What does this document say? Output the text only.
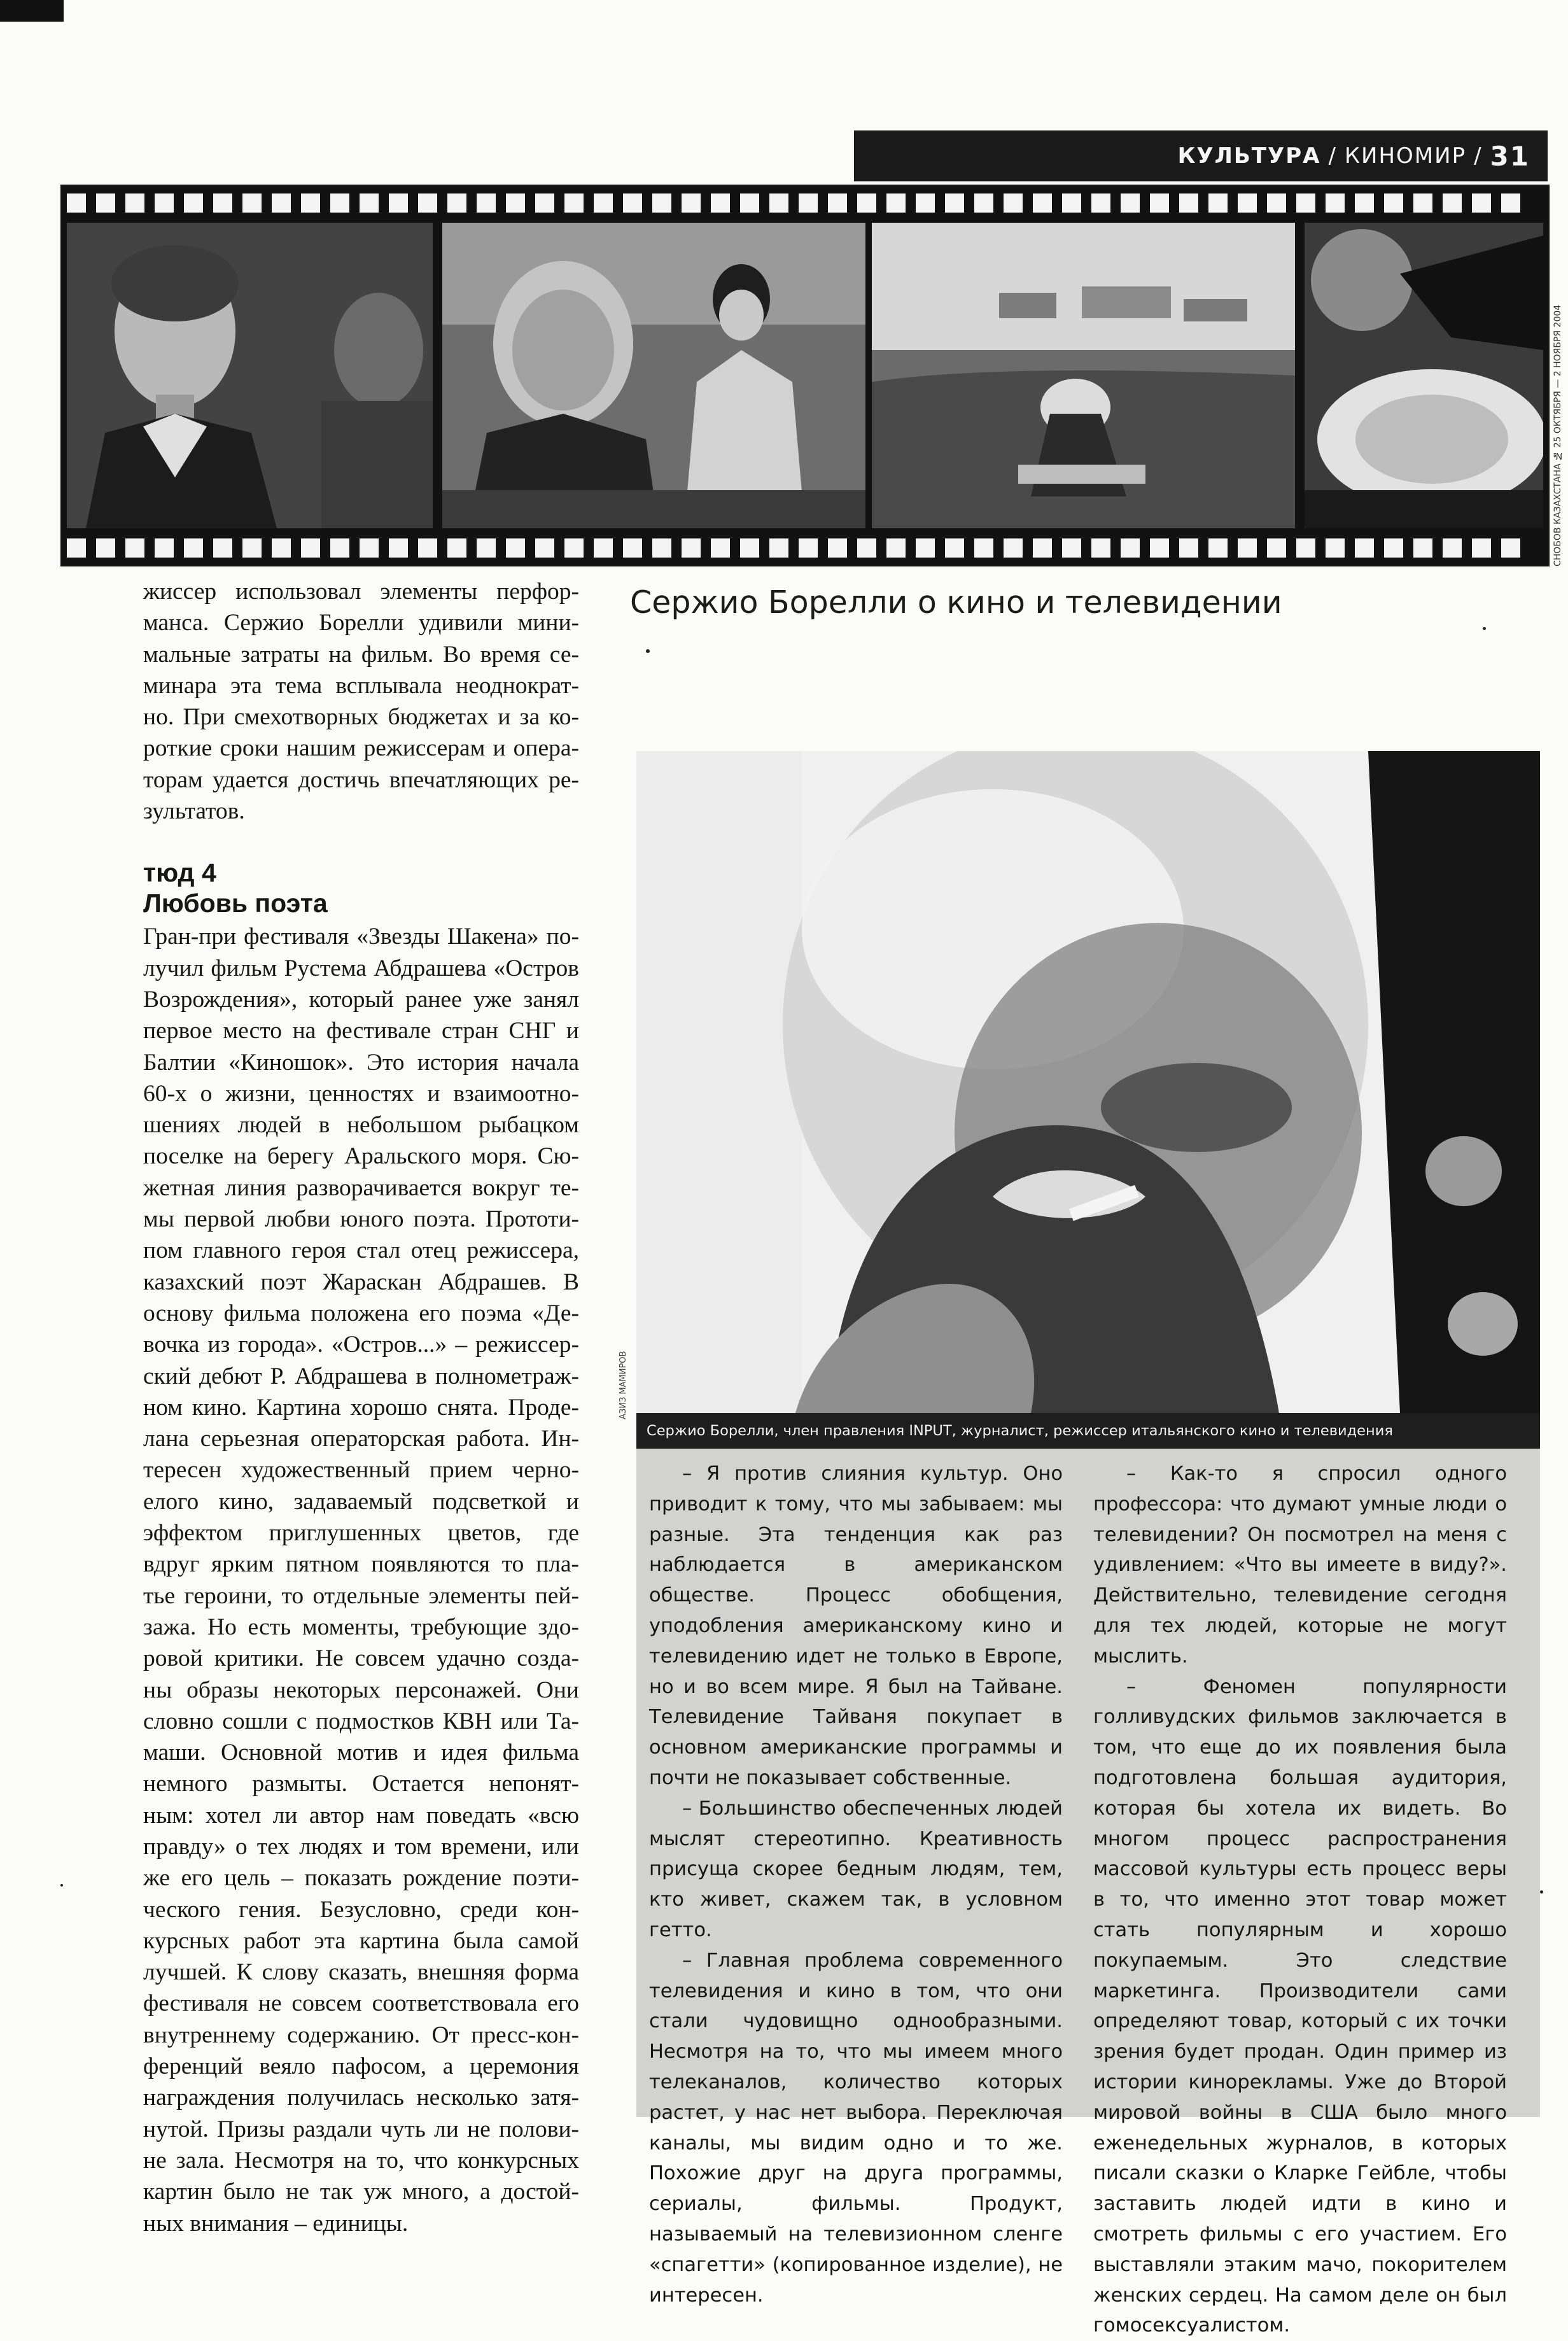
КУЛЬТУРА / КИНОМИР / 31
СНОБОВ КАЗАХСТАНА № 25 ОКТЯБРЯ — 2 НОЯБРЯ 2004
жиссер использовал элементы перфор-
манса. Сержио Борелли удивили мини-
мальные затраты на фильм. Во время се-
минара эта тема всплывала неоднократ-
но. При смехотворных бюджетах и за ко-
роткие сроки нашим режиссерам и опера-
торам удается достичь впечатляющих ре-
зультатов.
тюд 4
Любовь поэта
Гран-при фестиваля «Звезды Шакена» по-
лучил фильм Рустема Абдрашева «Остров
Возрождения», который ранее уже занял
первое место на фестивале стран СНГ и
Балтии «Киношок». Это история начала
60-х о жизни, ценностях и взаимоотно-
шениях людей в небольшом рыбацком
поселке на берегу Аральского моря. Сю-
жетная линия разворачивается вокруг те-
мы первой любви юного поэта. Прототи-
пом главного героя стал отец режиссера,
казахский поэт Жараскан Абдрашев. В
основу фильма положена его поэма «Де-
вочка из города». «Остров...» – режиссер-
ский дебют Р. Абдрашева в полнометраж-
ном кино. Картина хорошо снята. Проде-
лана серьезная операторская работа. Ин-
тересен художественный прием черно-
елого кино, задаваемый подсветкой и
эффектом приглушенных цветов, где
вдруг ярким пятном появляются то пла-
тье героини, то отдельные элементы пей-
зажа. Но есть моменты, требующие здо-
ровой критики. Не совсем удачно созда-
ны образы некоторых персонажей. Они
словно сошли с подмостков КВН или Та-
маши. Основной мотив и идея фильма
немного размыты. Остается непонят-
ным: хотел ли автор нам поведать «всю
правду» о тех людях и том времени, или
же его цель – показать рождение поэти-
ческого гения. Безусловно, среди кон-
курсных работ эта картина была самой
лучшей. К слову сказать, внешняя форма
фестиваля не совсем соответствовала его
внутреннему содержанию. От пресс-кон-
ференций веяло пафосом, а церемония
награждения получилась несколько затя-
нутой. Призы раздали чуть ли не полови-
не зала. Несмотря на то, что конкурсных
картин было не так уж много, а достой-
ных внимания – единицы.
Сержио Борелли о кино и телевидении
АЗИЗ МАМИРОВ
Сержио Борелли, член правления INPUT, журналист, режиссер итальянского кино и телевидения

– Я против слияния культур. Оно приводит к тому, что мы забываем: мы разные. Эта тенденция как раз наблюдается в американском обществе. Процесс обобщения, уподобления американскому кино и телевидению идет не только в Европе, но и во всем мире. Я был на Тайване. Телевидение Тайваня покупает в основном американские программы и почти не показывает собственные.

– Большинство обеспеченных людей мыслят стереотипно. Креативность присуща скорее бедным людям, тем, кто живет, скажем так, в условном гетто.

– Главная проблема современного телевидения и кино в том, что они стали чудовищно однообразными. Несмотря на то, что мы имеем много телеканалов, количество которых растет, у нас нет выбора. Переключая каналы, мы видим одно и то же. Похожие друг на друга программы, сериалы, фильмы. Продукт, называемый на телевизионном сленге «спагетти» (копированное изделие), не интересен.

– Как-то я спросил одного профессора: что думают умные люди о телевидении? Он посмотрел на меня с удивлением: «Что вы имеете в виду?». Действительно, телевидение сегодня для тех людей, которые не могут мыслить.

– Феномен популярности голливудских фильмов заключается в том, что еще до их появления была подготовлена большая аудитория, которая бы хотела их видеть. Во многом процесс распространения массовой культуры есть процесс веры в то, что именно этот товар может стать популярным и хорошо покупаемым. Это следствие маркетинга. Производители сами определяют товар, который с их точки зрения будет продан. Один пример из истории кинорекламы. Уже до Второй мировой войны в США было много еженедельных журналов, в которых писали сказки о Кларке Гейбле, чтобы заставить людей идти в кино и смотреть фильмы с его участием. Его выставляли этаким мачо, покорителем женских сердец. На самом деле он был гомосексуалистом.
